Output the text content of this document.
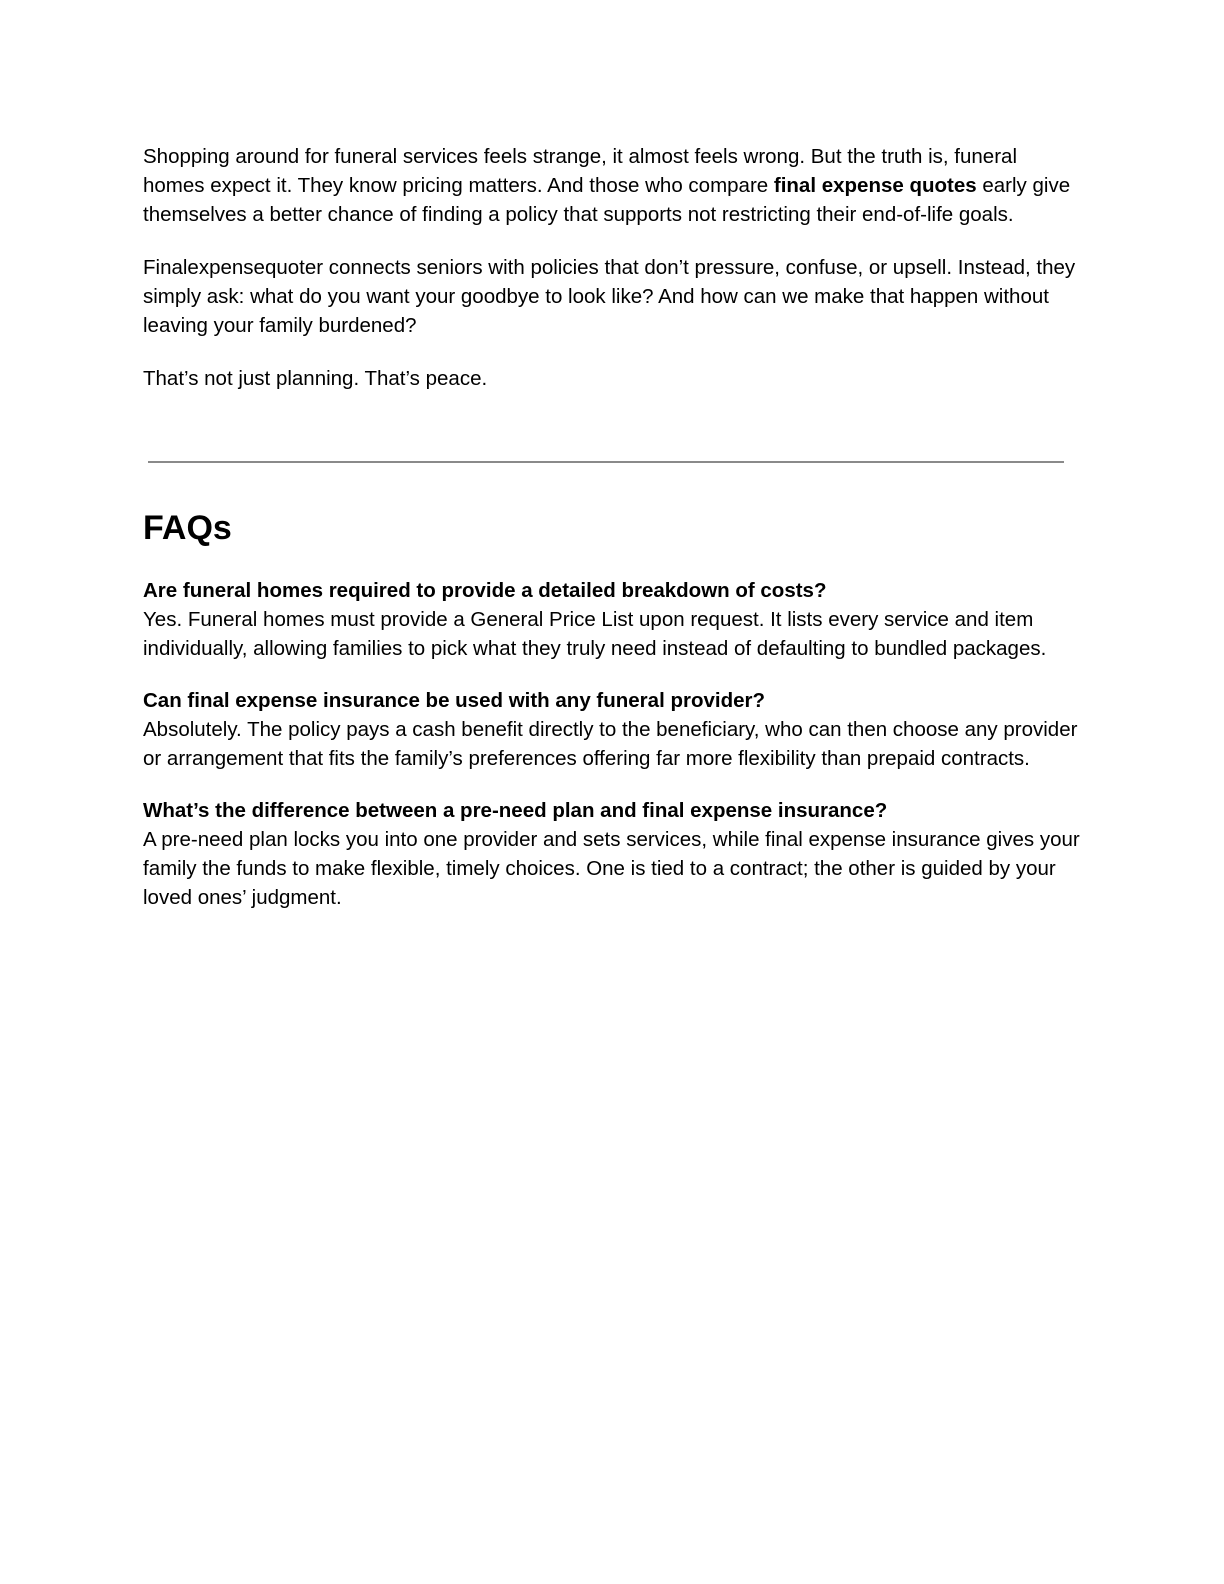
Shopping around for funeral services feels strange, it almost feels wrong. But the truth is, funeral homes expect it. They know pricing matters. And those who compare final expense quotes early give themselves a better chance of finding a policy that supports not restricting their end-of-life goals.

Finalexpensequoter connects seniors with policies that don’t pressure, confuse, or upsell. Instead, they simply ask: what do you want your goodbye to look like? And how can we make that happen without leaving your family burdened?

That’s not just planning. That’s peace.

FAQs
Are funeral homes required to provide a detailed breakdown of costs?
Yes. Funeral homes must provide a General Price List upon request. It lists every service and item individually, allowing families to pick what they truly need instead of defaulting to bundled packages.
Can final expense insurance be used with any funeral provider?
Absolutely. The policy pays a cash benefit directly to the beneficiary, who can then choose any provider or arrangement that fits the family’s preferences offering far more flexibility than prepaid contracts.
What’s the difference between a pre-need plan and final expense insurance?
A pre-need plan locks you into one provider and sets services, while final expense insurance gives your family the funds to make flexible, timely choices. One is tied to a contract; the other is guided by your loved ones’ judgment.
